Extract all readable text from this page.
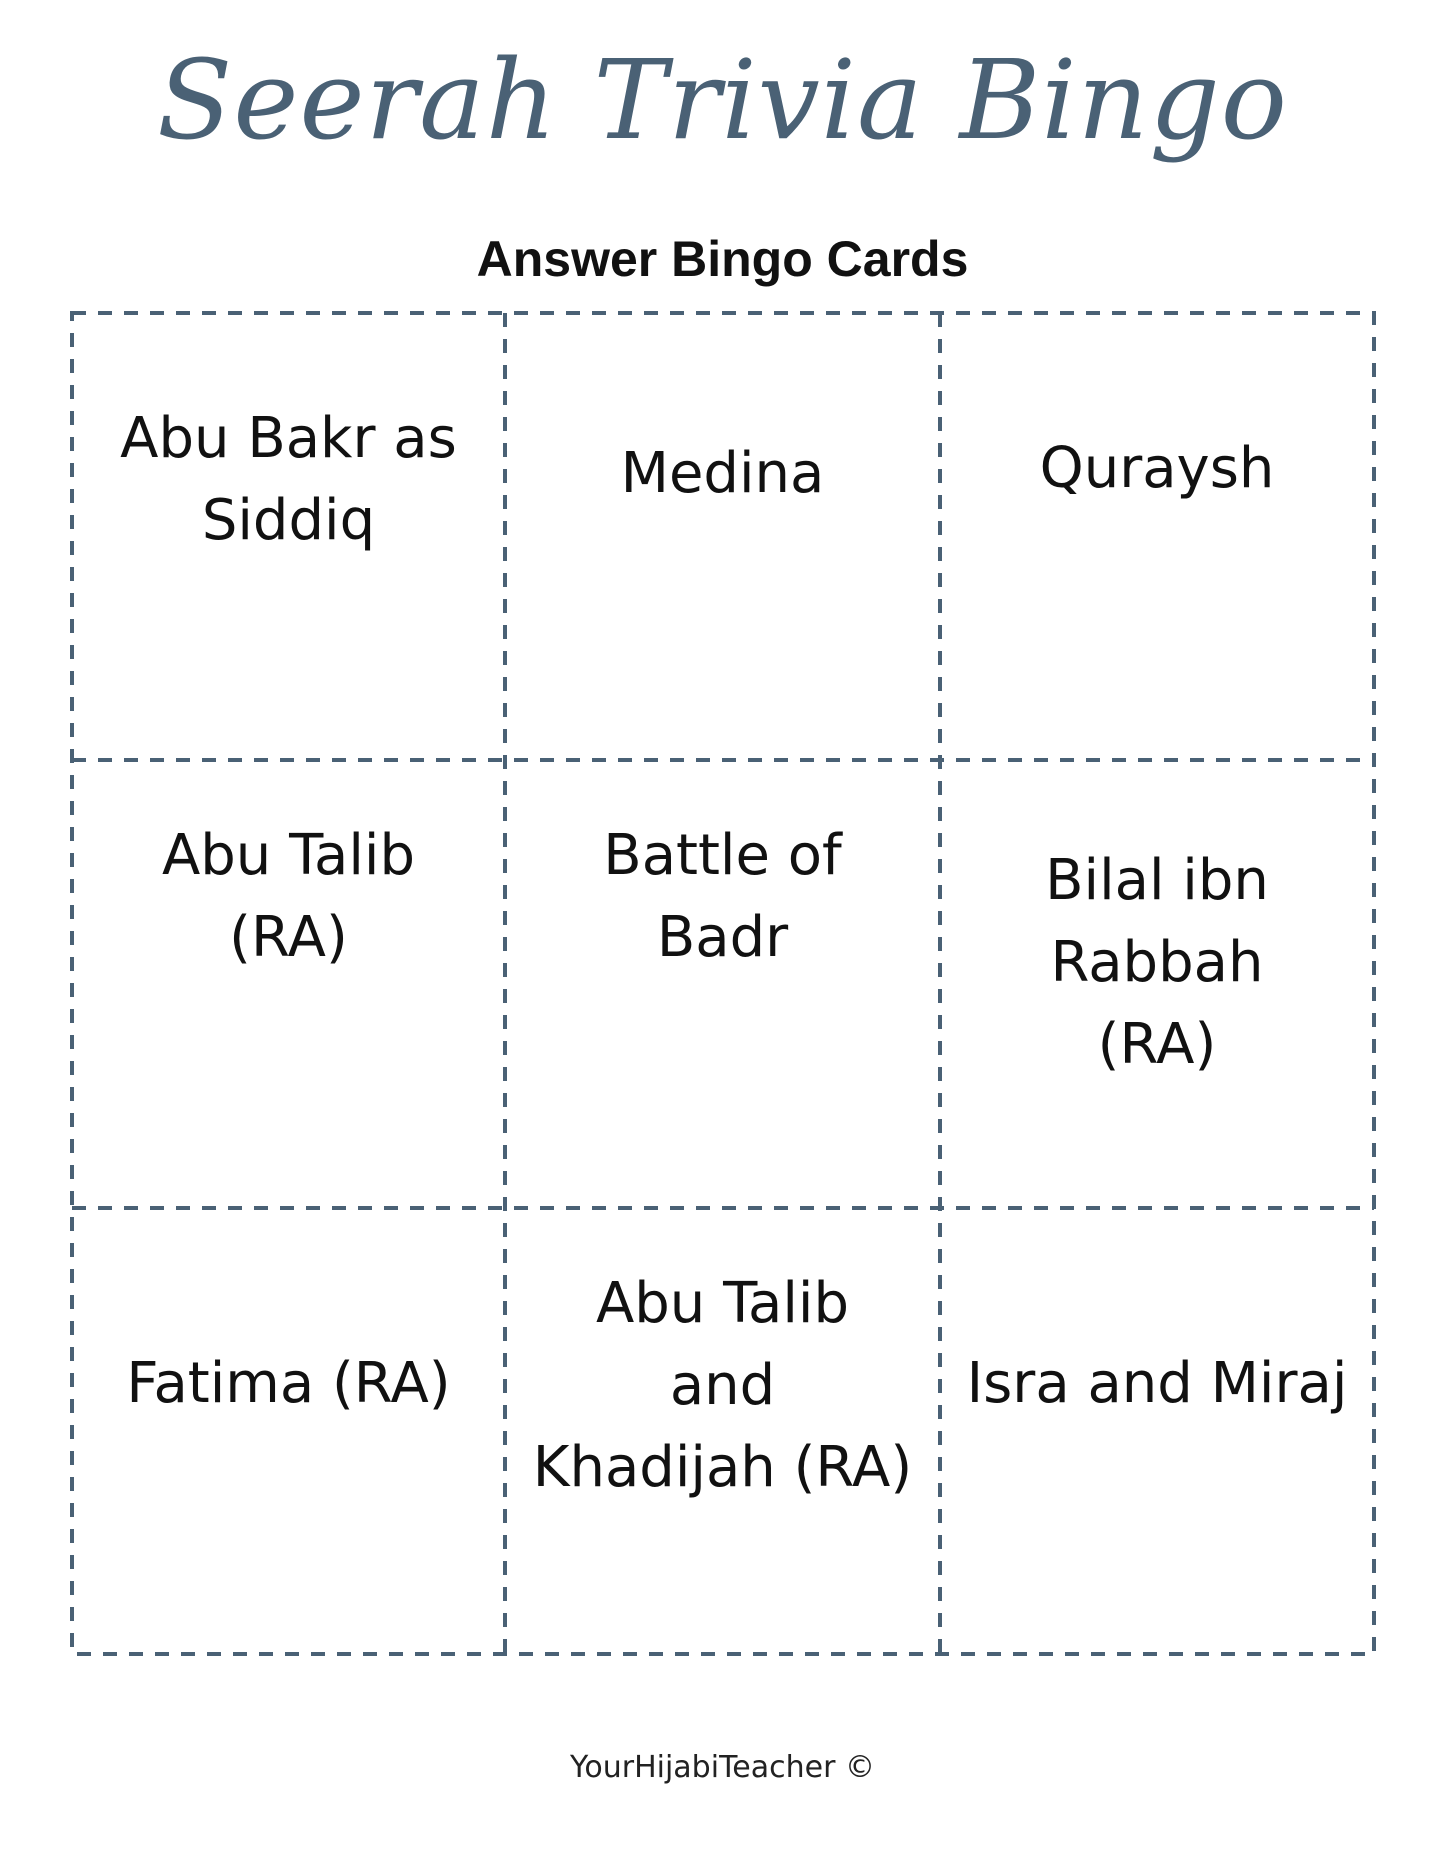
Seerah Trivia Bingo
Answer Bingo Cards
Abu Bakr as
Siddiq
Medina	Quraysh
Abu Talib
(RA)
Battle of
Badr
Bilal ibn
Rabbah
(RA)
Fatima (RA)
Abu Talib
and
Khadijah (RA)
Isra and Miraj
YourHijabiTeacher ©
